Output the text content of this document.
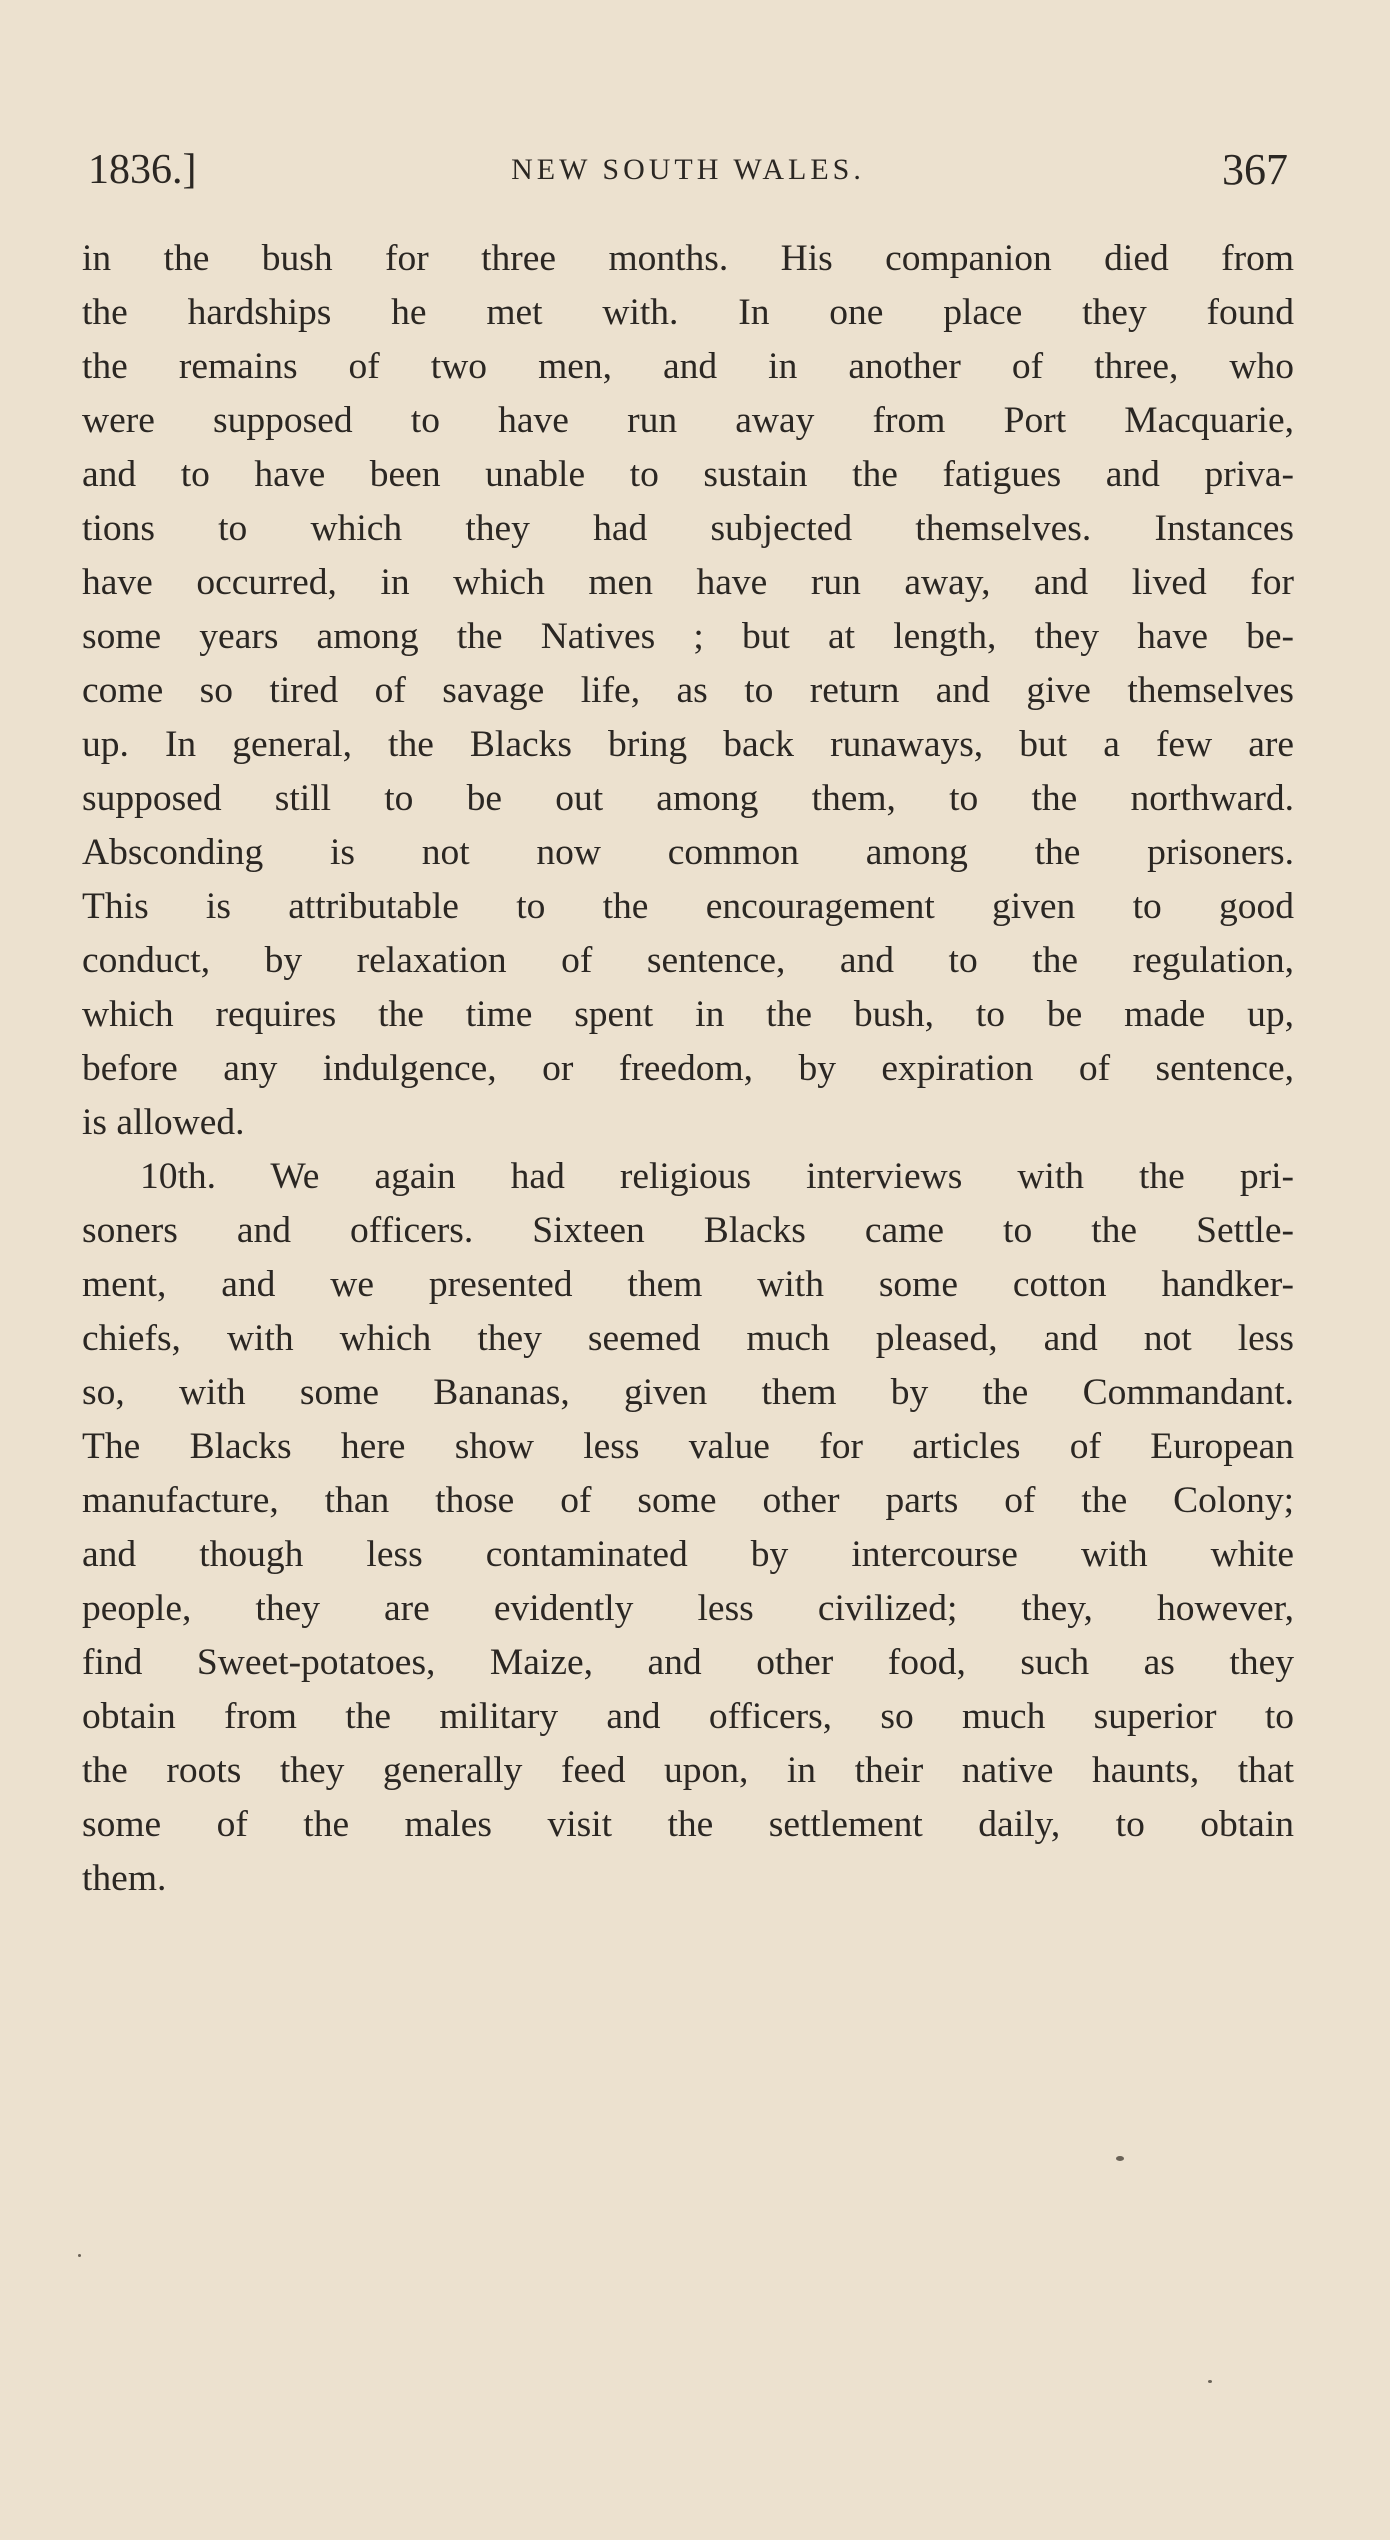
1836.]	NEW SOUTH WALES.	367
in the bush for three months. His companion died from
the hardships he met with. In one place they found
the remains of two men, and in another of three, who
were supposed to have run away from Port Macquarie,
and to have been unable to sustain the fatigues and priva-
tions to which they had subjected themselves. Instances
have occurred, in which men have run away, and lived for
some years among the Natives ; but at length, they have be-
come so tired of savage life, as to return and give themselves
up. In general, the Blacks bring back runaways, but a few are
supposed still to be out among them, to the northward.
Absconding is not now common among the prisoners.
This is attributable to the encouragement given to good
conduct, by relaxation of sentence, and to the regulation,
which requires the time spent in the bush, to be made up,
before any indulgence, or freedom, by expiration of sentence,
is allowed.
10th. We again had religious interviews with the pri-
soners and officers. Sixteen Blacks came to the Settle-
ment, and we presented them with some cotton handker-
chiefs, with which they seemed much pleased, and not less
so, with some Bananas, given them by the Commandant.
The Blacks here show less value for articles of European
manufacture, than those of some other parts of the Colony;
and though less contaminated by intercourse with white
people, they are evidently less civilized; they, however,
find Sweet-potatoes, Maize, and other food, such as they
obtain from the military and officers, so much superior to
the roots they generally feed upon, in their native haunts, that
some of the males visit the settlement daily, to obtain
them.
